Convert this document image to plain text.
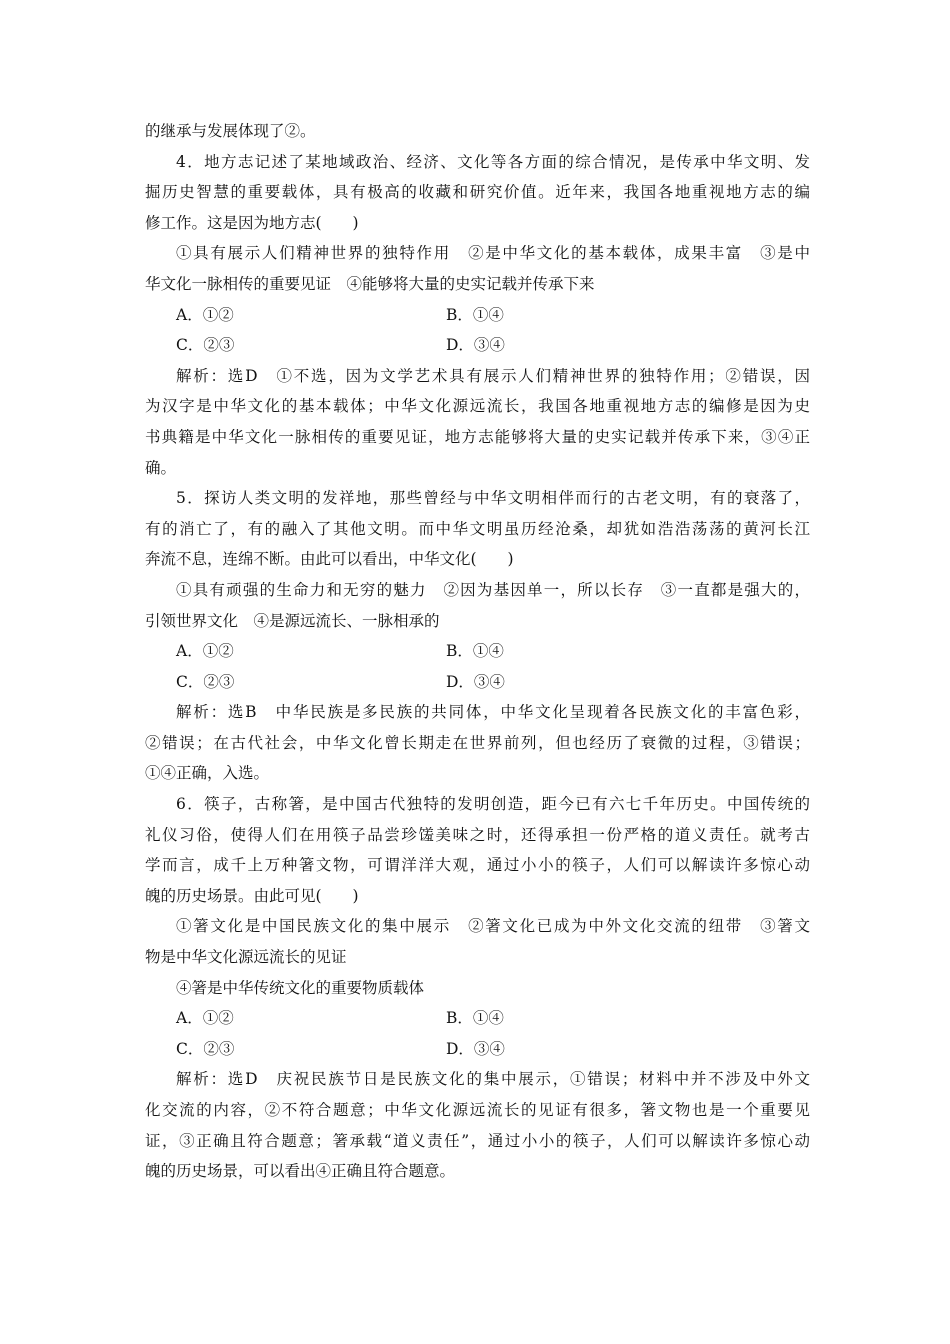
的继承与发展体现了②。
4．地方志记述了某地域政治、经济、文化等各方面的综合情况，是传承中华文明、发
掘历史智慧的重要载体，具有极高的收藏和研究价值。近年来，我国各地重视地方志的编
修工作。这是因为地方志(　　)
①具有展示人们精神世界的独特作用　②是中华文化的基本载体，成果丰富　③是中
华文化一脉相传的重要见证　④能够将大量的史实记载并传承下来
A．①②	B．①④
C．②③	D．③④
解析：选D　①不选，因为文学艺术具有展示人们精神世界的独特作用；②错误，因
为汉字是中华文化的基本载体；中华文化源远流长，我国各地重视地方志的编修是因为史
书典籍是中华文化一脉相传的重要见证，地方志能够将大量的史实记载并传承下来，③④正
确。
5．探访人类文明的发祥地，那些曾经与中华文明相伴而行的古老文明，有的衰落了，
有的消亡了，有的融入了其他文明。而中华文明虽历经沧桑，却犹如浩浩荡荡的黄河长江
奔流不息，连绵不断。由此可以看出，中华文化(　　)
①具有顽强的生命力和无穷的魅力　②因为基因单一，所以长存　③一直都是强大的，
引领世界文化　④是源远流长、一脉相承的
A．①②	B．①④
C．②③	D．③④
解析：选B　中华民族是多民族的共同体，中华文化呈现着各民族文化的丰富色彩，
②错误；在古代社会，中华文化曾长期走在世界前列，但也经历了衰微的过程，③错误；
①④正确，入选。
6．筷子，古称箸，是中国古代独特的发明创造，距今已有六七千年历史。中国传统的
礼仪习俗，使得人们在用筷子品尝珍馐美味之时，还得承担一份严格的道义责任。就考古
学而言，成千上万种箸文物，可谓洋洋大观，通过小小的筷子，人们可以解读许多惊心动
魄的历史场景。由此可见(　　)
①箸文化是中国民族文化的集中展示　②箸文化已成为中外文化交流的纽带　③箸文
物是中华文化源远流长的见证
④箸是中华传统文化的重要物质载体
A．①②	B．①④
C．②③	D．③④
解析：选D　庆祝民族节日是民族文化的集中展示，①错误；材料中并不涉及中外文
化交流的内容，②不符合题意；中华文化源远流长的见证有很多，箸文物也是一个重要见
证，③正确且符合题意；箸承载“道义责任”，通过小小的筷子，人们可以解读许多惊心动
魄的历史场景，可以看出④正确且符合题意。
